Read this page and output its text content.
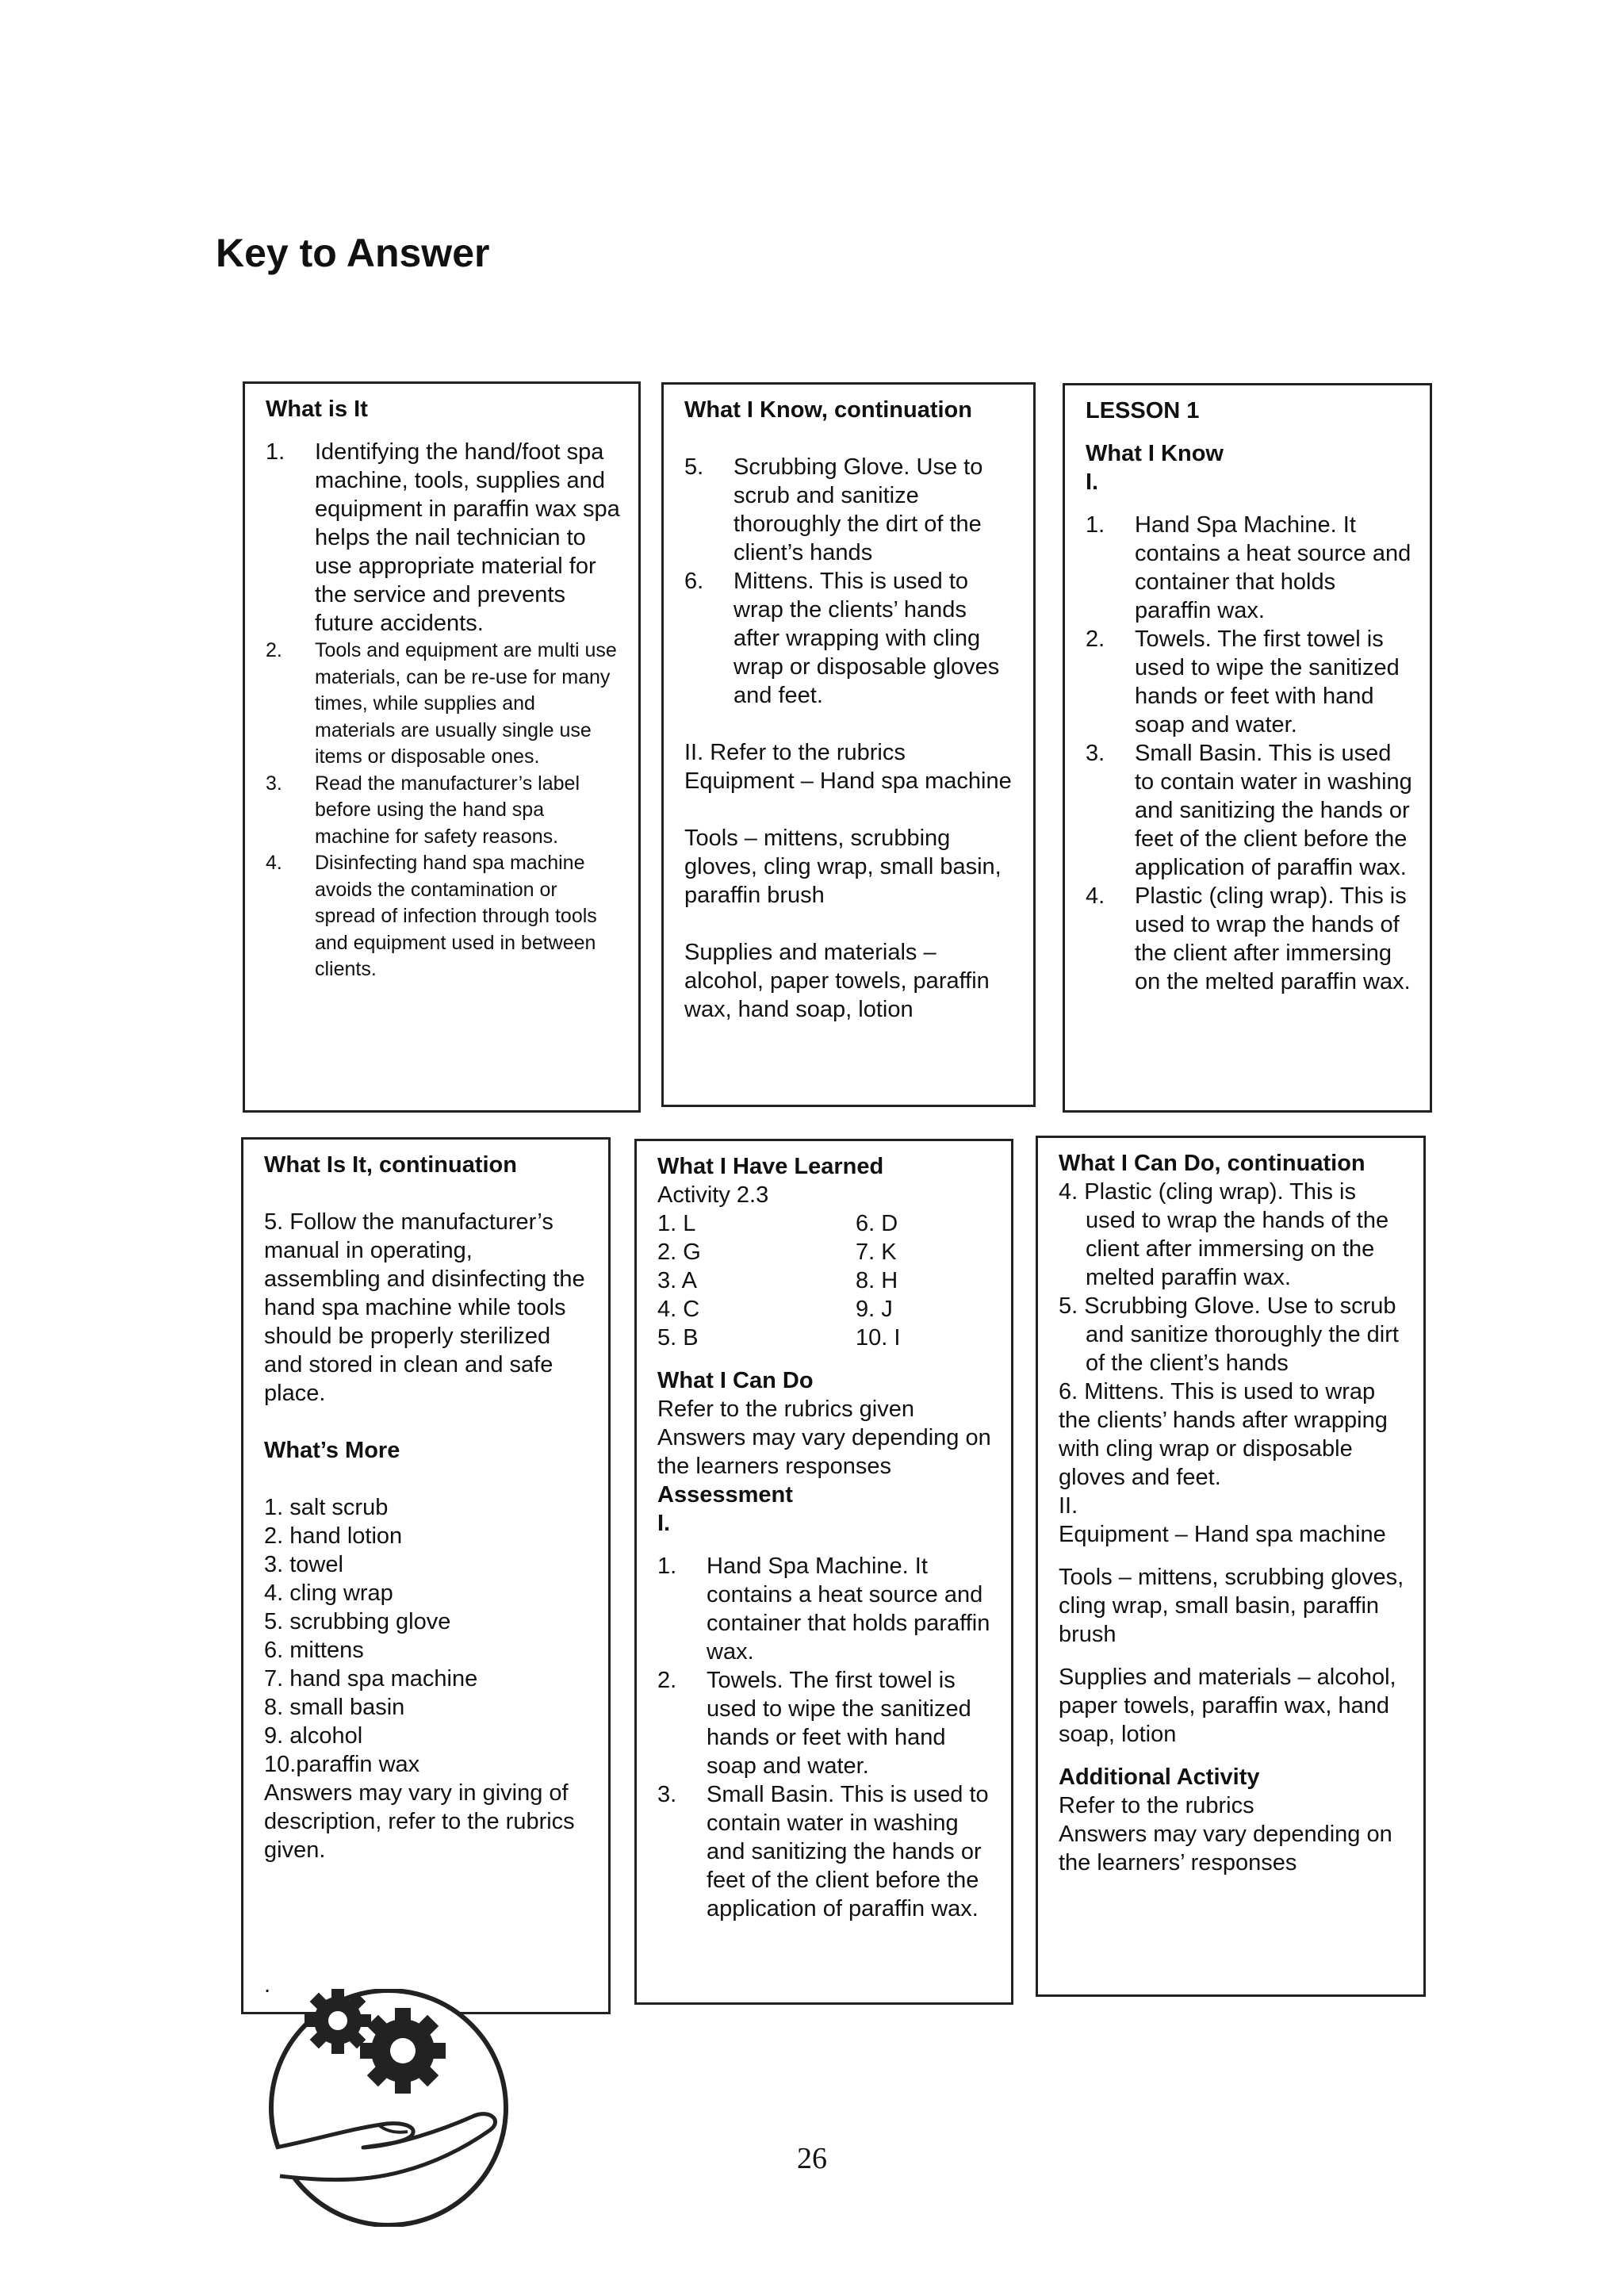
Key to Answer
What is It
1. Identifying the hand/foot spa machine, tools, supplies and equipment in paraffin wax spa helps the nail technician to use appropriate material for the service and prevents future accidents.
2. Tools and equipment are multi use materials, can be re-use for many times, while supplies and materials are usually single use items or disposable ones.
3. Read the manufacturer’s label before using the hand spa machine for safety reasons.
4. Disinfecting hand spa machine avoids the contamination or spread of infection through tools and equipment used in between clients.
What I Know, continuation
5. Scrubbing Glove. Use to scrub and sanitize thoroughly the dirt of the client’s hands
6. Mittens. This is used to wrap the clients’ hands after wrapping with cling wrap or disposable gloves and feet.

II. Refer to the rubrics

Equipment – Hand spa machine

Tools – mittens, scrubbing gloves, cling wrap, small basin, paraffin brush

Supplies and materials – alcohol, paper towels, paraffin wax, hand soap, lotion

LESSON 1
What I Know
I.
1. Hand Spa Machine. It contains a heat source and container that holds paraffin wax.
2. Towels. The first towel is used to wipe the sanitized hands or feet with hand soap and water.
3. Small Basin. This is used to contain water in washing and sanitizing the hands or feet of the client before the application of paraffin wax.
4. Plastic (cling wrap). This is used to wrap the hands of the client after immersing on the melted paraffin wax.
What Is It, continuation

5. Follow the manufacturer’s manual in operating, assembling and disinfecting the hand spa machine while tools should be properly sterilized and stored in clean and safe place.

What’s More
1. salt scrub
2. hand lotion
3. towel
4. cling wrap
5. scrubbing glove
6. mittens
7. hand spa machine
8. small basin
9. alcohol
10.paraffin wax

Answers may vary in giving of description, refer to the rubrics given.

.
What I Have Learned

Activity 2.3

1. L	6. D
2. G	7. K
3. A	8. H
4. C	9. J
5. B	10. I
What I Can Do

Refer to the rubrics given

Answers may vary depending on the learners responses

Assessment
I.
1. Hand Spa Machine. It contains a heat source and container that holds paraffin wax.
2. Towels. The first towel is used to wipe the sanitized hands or feet with hand soap and water.
3. Small Basin. This is used to contain water in washing and sanitizing the hands or feet of the client before the application of paraffin wax.
What I Can Do, continuation

4. Plastic (cling wrap). This is used to wrap the hands of the client after immersing on the melted paraffin wax.

5. Scrubbing Glove. Use to scrub and sanitize thoroughly the dirt of the client’s hands

6. Mittens. This is used to wrap the clients’ hands after wrapping with cling wrap or disposable gloves and feet.

II.

Equipment – Hand spa machine

Tools – mittens, scrubbing gloves, cling wrap, small basin, paraffin brush

Supplies and materials – alcohol, paper towels, paraffin wax, hand soap, lotion

Additional Activity

Refer to the rubrics

Answers may vary depending on the learners’ responses

26
